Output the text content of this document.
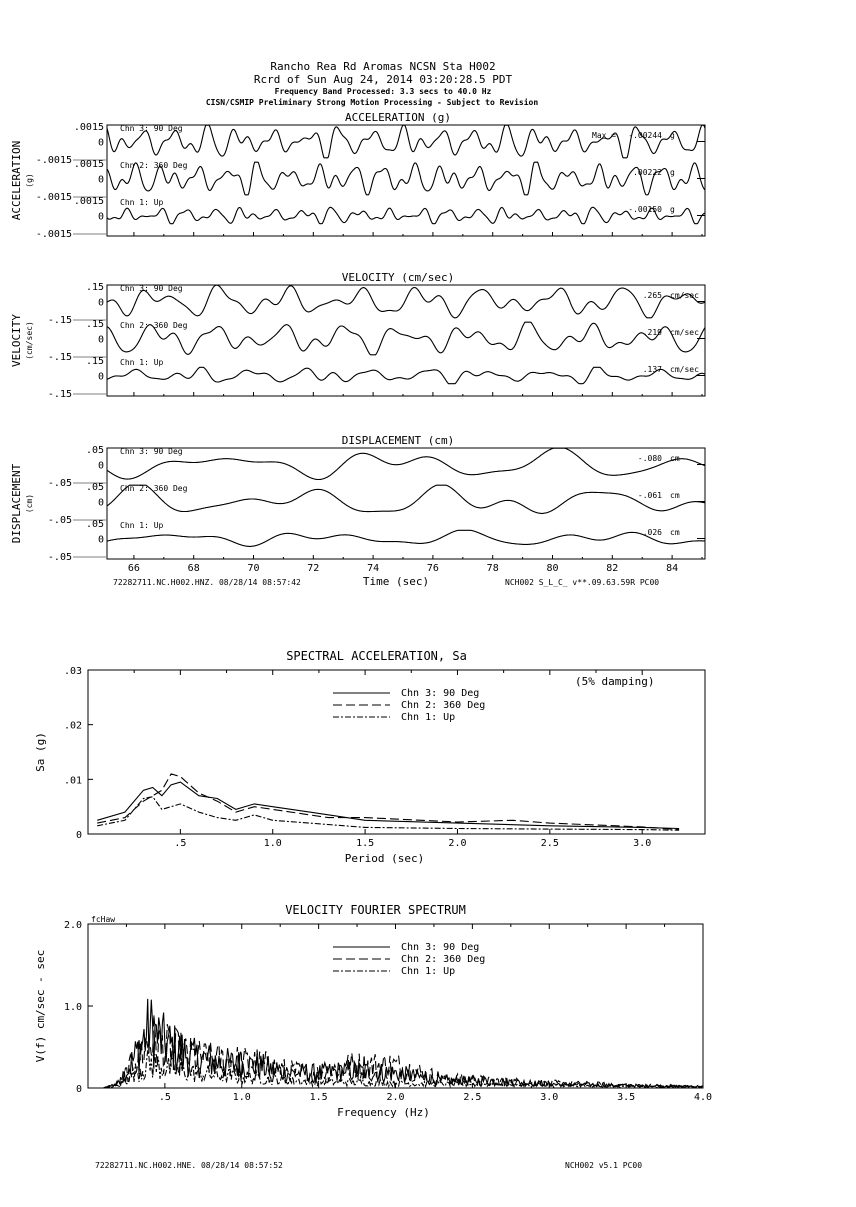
Rancho Rea Rd Aromas NCSN Sta H002
Rcrd of Sun Aug 24, 2014 03:20:28.5 PDT
Frequency Band Processed: 3.3 secs to 40.0 Hz
CISN/CSMIP Preliminary Strong Motion Processing - Subject to Revision
ACCELERATION (g)
ACCELERATION (g)
.0015
0
-.0015
Chn 3: 90 Deg
Max = -.00244 g
.0015
0
-.0015
Chn 2: 360 Deg
.00222 g
.0015
0
-.0015
Chn 1: Up
-.00150 g
VELOCITY (cm/sec)
VELOCITY (cm/sec)
.15
0
-.15
Chn 3: 90 Deg
.265 cm/sec
.15
0
-.15
Chn 2: 360 Deg
.219 cm/sec
.15
0
-.15
Chn 1: Up
.137 cm/sec
DISPLACEMENT (cm)
DISPLACEMENT (cm)
.05
0
-.05
Chn 3: 90 Deg
-.080 cm
.05
0
-.05
Chn 2: 360 Deg
-.061 cm
.05
0
-.05
Chn 1: Up
.026 cm
66	68	70	72	74	76	78	80	82	84
Time (sec)
72282711.NC.H002.HNZ. 08/28/14 08:57:42	NCH002 S_L_C_ v**.09.63.59R PC00
SPECTRAL ACCELERATION, Sa
Period (sec)
Sa (g)
(5% damping)
.5	1.0	1.5	2.0	2.5	3.0
0
.01
.02
.03
Chn 3: 90 Deg
Chn 2: 360 Deg
Chn 1: Up
VELOCITY FOURIER SPECTRUM
Frequency (Hz)
V(f) cm/sec - sec
fcHaw
.5	1.0	1.5	2.0	2.5	3.0	3.5	4.0
0
1.0
2.0
Chn 3: 90 Deg
Chn 2: 360 Deg
Chn 1: Up
72282711.NC.H002.HNE. 08/28/14 08:57:52	NCH002 v5.1 PC00
